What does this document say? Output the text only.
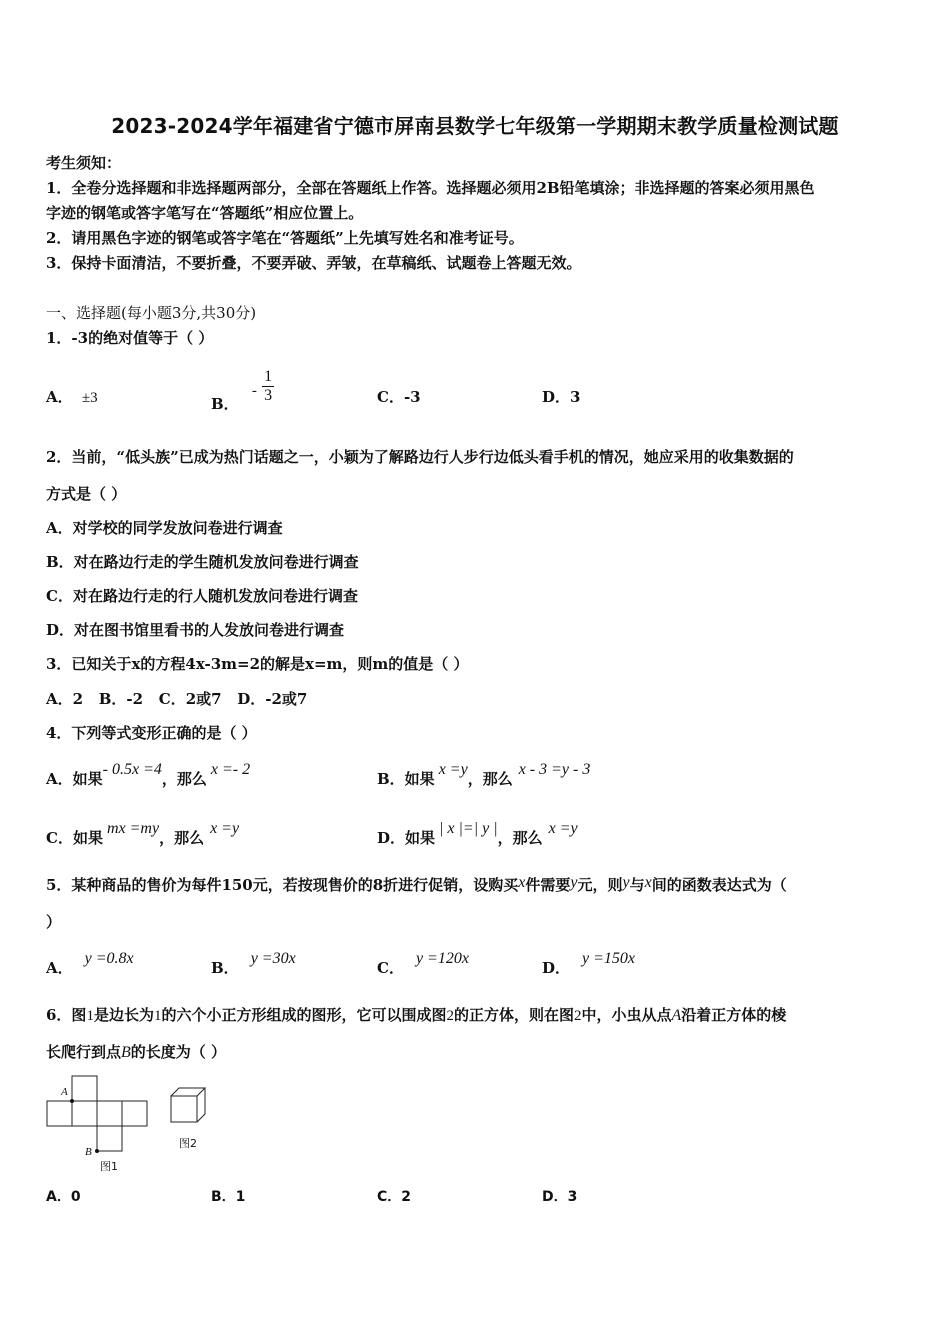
2023-2024学年福建省宁德市屏南县数学七年级第一学期期末教学质量检测试题
考生须知：
1．全卷分选择题和非选择题两部分，全部在答题纸上作答。选择题必须用2B铅笔填涂；非选择题的答案必须用黑色
字迹的钢笔或答字笔写在“答题纸”相应位置上。
2．请用黑色字迹的钢笔或答字笔在“答题纸”上先填写姓名和准考证号。
3．保持卡面清洁，不要折叠，不要弄破、弄皱，在草稿纸、试题卷上答题无效。
一、选择题(每小题3分,共30分)
1．-3的绝对值等于（ ）
A． ±3	B． - $\frac{1}{3}$	C．-3	D．3
2．当前，“低头族”已成为热门话题之一，小颖为了解路边行人步行边低头看手机的情况，她应采用的收集数据的
方式是（ ）
A．对学校的同学发放问卷进行调查
B．对在路边行走的学生随机发放问卷进行调查
C．对在路边行走的行人随机发放问卷进行调查
D．对在图书馆里看书的人发放问卷进行调查
3．已知关于x的方程4x-3m=2的解是x=m，则m的值是（ ）
A．2   B．-2   C．2或7   D．-2或7
4．下列等式变形正确的是（ ）
A．如果- 0.5x =4，那么x =- 2
B．如果x =y，那么x - 3 =y - 3
C．如果mx =my，那么x =y
D．如果| x |=| y |，那么x =y
5．某种商品的售价为每件150元，若按现售价的8折进行促销，设购买x件需要y元，则y与x间的函数表达式为（
）
A．y =0.8x
B．y =30x
C．y =120x
D．y =150x
6．图1是边长为1的六个小正方形组成的图形，它可以围成图2的正方体，则在图2中，小虫从点A沿着正方体的棱
长爬行到点B的长度为（ ）
A
B
图1
图2
A．0	B．1	C．2	D．3
